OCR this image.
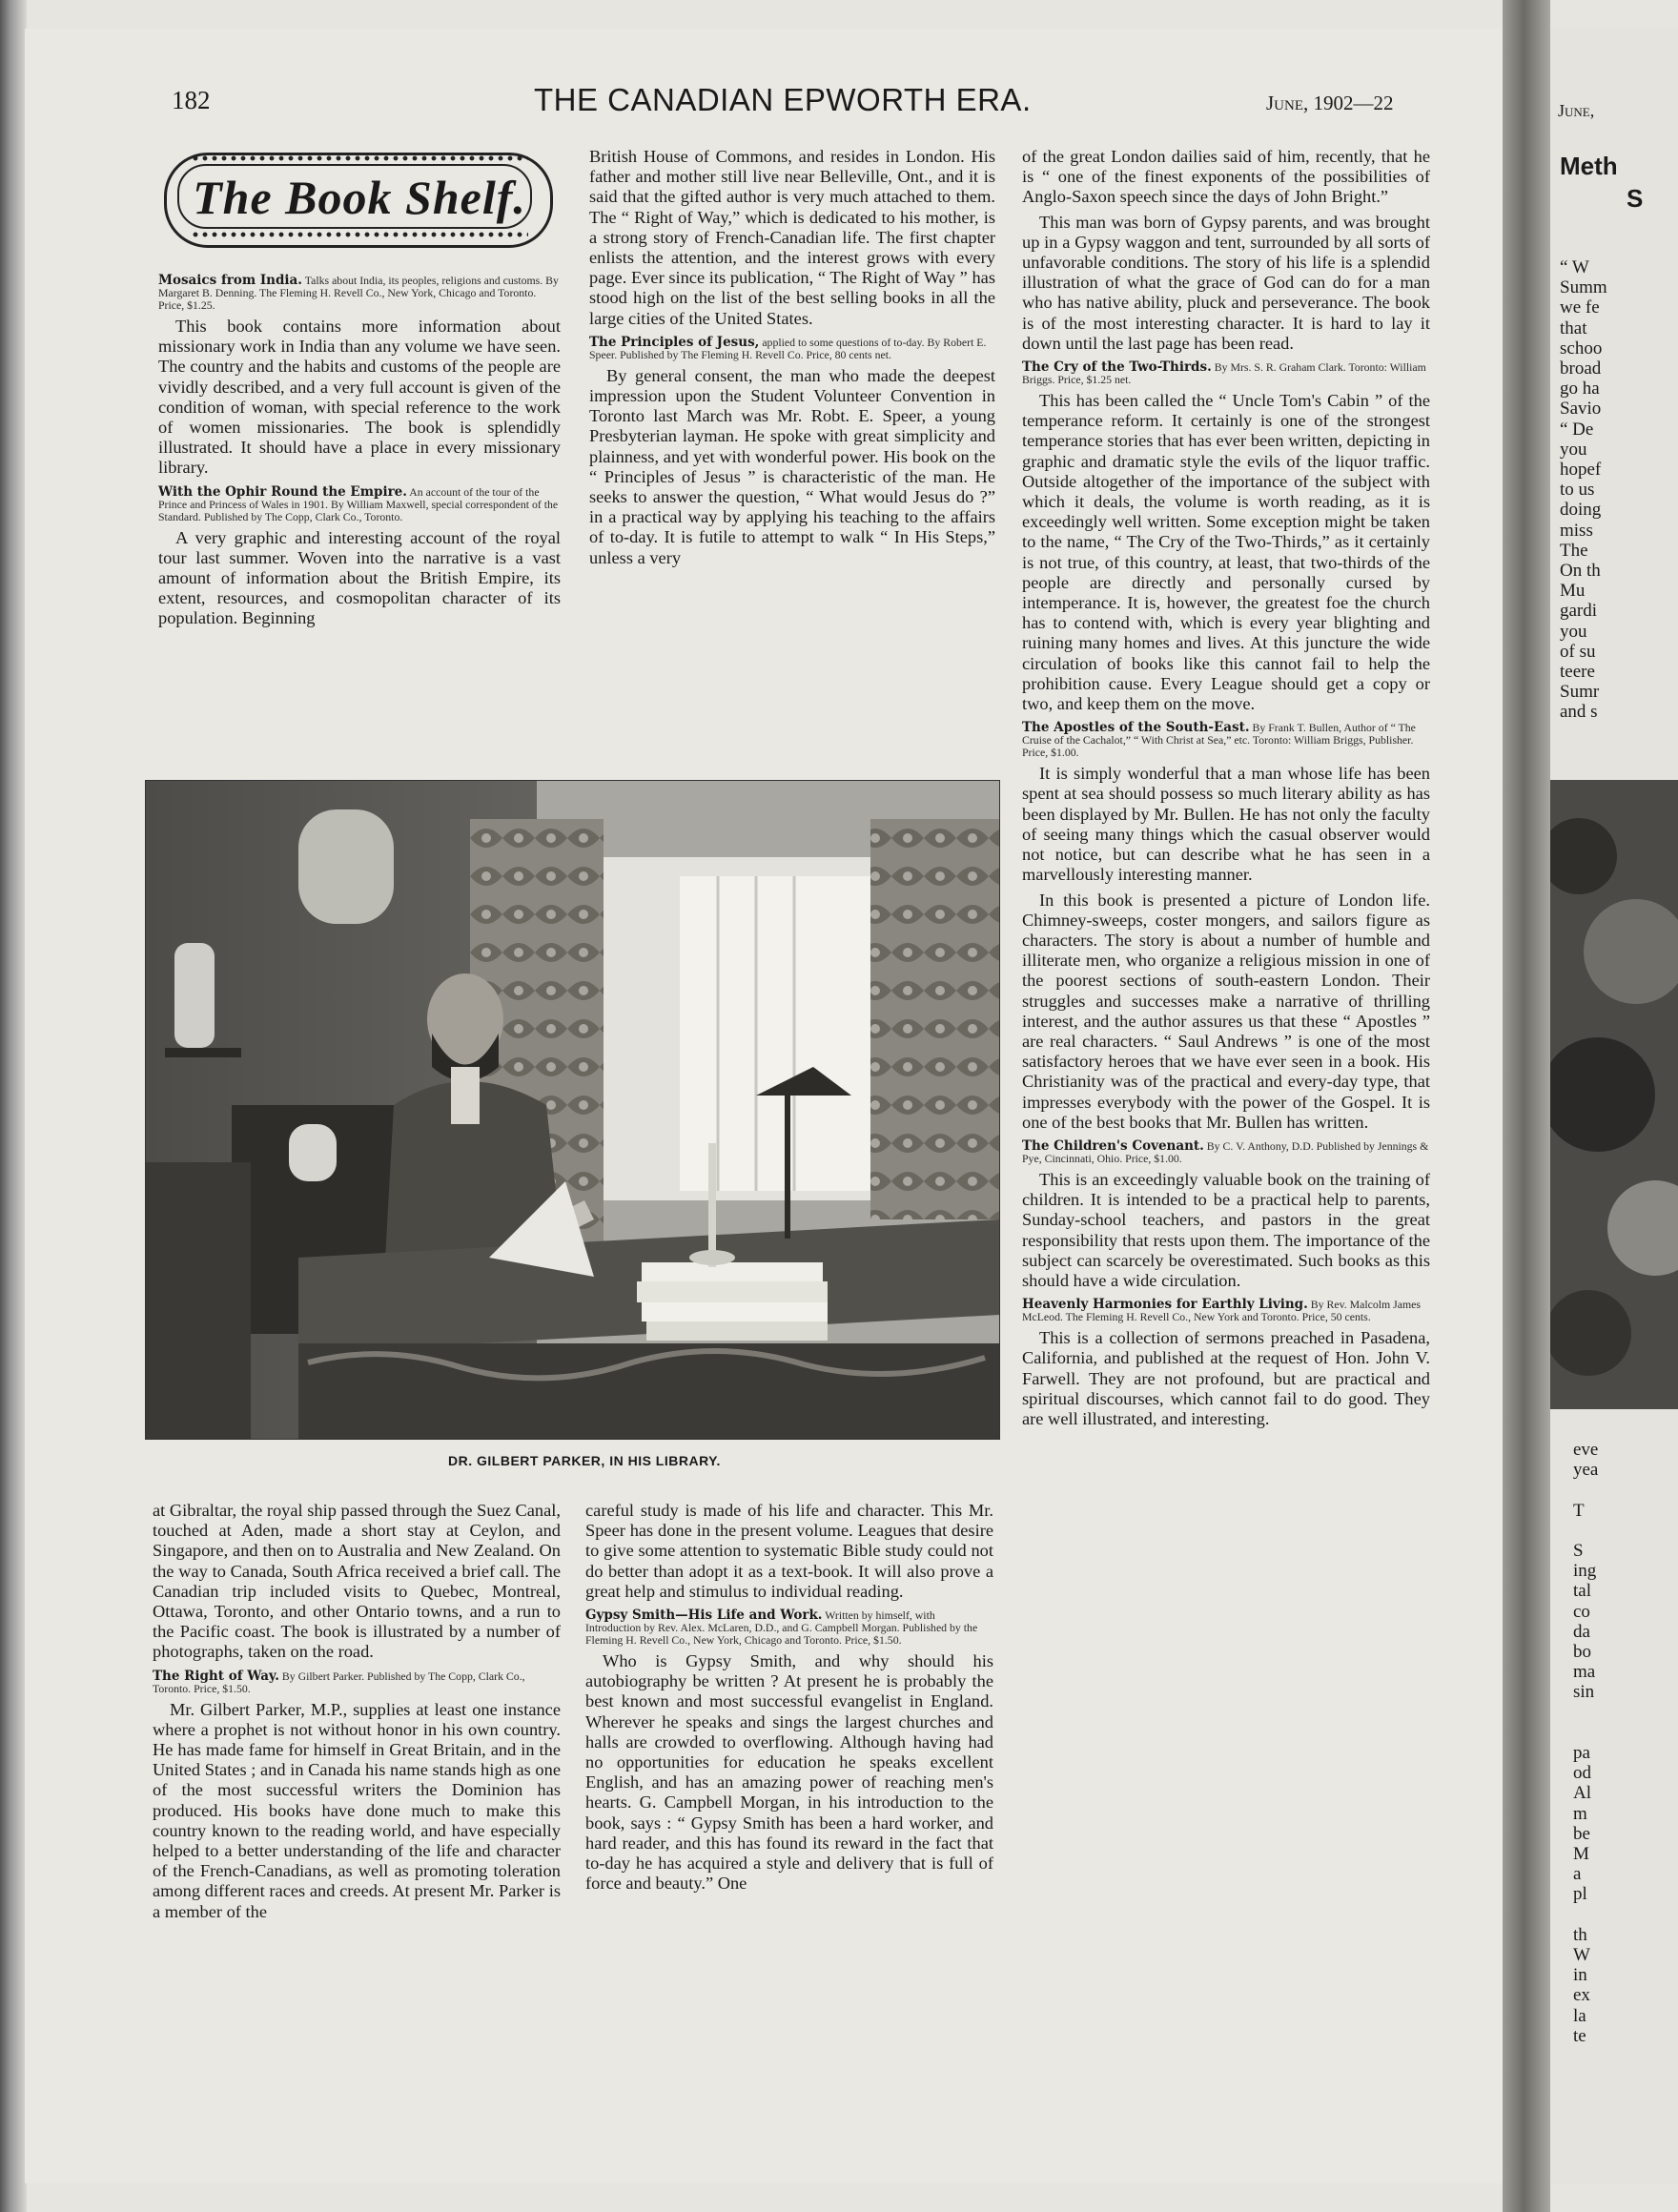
182	THE CANADIAN EPWORTH ERA.	June, 1902—22
The Book Shelf.
Mosaics from India. Talks about India, its peoples, religions and customs. By Margaret B. Denning. The Fleming H. Revell Co., New York, Chicago and Toronto. Price, $1.25.

This book contains more information about missionary work in India than any volume we have seen. The country and the habits and customs of the people are vividly described, and a very full account is given of the condition of woman, with special reference to the work of women missionaries. The book is splendidly illustrated. It should have a place in every missionary library.

With the Ophir Round the Empire. An account of the tour of the Prince and Princess of Wales in 1901. By William Maxwell, special correspondent of the Standard. Published by The Copp, Clark Co., Toronto.

A very graphic and interesting account of the royal tour last summer. Woven into the narrative is a vast amount of information about the British Empire, its extent, resources, and cosmopolitan character of its population. Beginning

British House of Commons, and resides in London. His father and mother still live near Belleville, Ont., and it is said that the gifted author is very much attached to them. The “ Right of Way,” which is dedicated to his mother, is a strong story of French-Canadian life. The first chapter enlists the attention, and the interest grows with every page. Ever since its publication, “ The Right of Way ” has stood high on the list of the best selling books in all the large cities of the United States.

The Principles of Jesus, applied to some questions of to-day. By Robert E. Speer. Published by The Fleming H. Revell Co. Price, 80 cents net.

By general consent, the man who made the deepest impression upon the Student Volunteer Convention in Toronto last March was Mr. Robt. E. Speer, a young Presbyterian layman. He spoke with great simplicity and plainness, and yet with wonderful power. His book on the “ Principles of Jesus ” is characteristic of the man. He seeks to answer the question, “ What would Jesus do ?” in a practical way by applying his teaching to the affairs of to-day. It is futile to attempt to walk “ In His Steps,” unless a very

of the great London dailies said of him, recently, that he is “ one of the finest exponents of the possibilities of Anglo-Saxon speech since the days of John Bright.”

This man was born of Gypsy parents, and was brought up in a Gypsy waggon and tent, surrounded by all sorts of unfavorable conditions. The story of his life is a splendid illustration of what the grace of God can do for a man who has native ability, pluck and perseverance. The book is of the most interesting character. It is hard to lay it down until the last page has been read.

The Cry of the Two-Thirds. By Mrs. S. R. Graham Clark. Toronto: William Briggs. Price, $1.25 net.

This has been called the “ Uncle Tom's Cabin ” of the temperance reform. It certainly is one of the strongest temperance stories that has ever been written, depicting in graphic and dramatic style the evils of the liquor traffic. Outside altogether of the importance of the subject with which it deals, the volume is worth reading, as it is exceedingly well written. Some exception might be taken to the name, “ The Cry of the Two-Thirds,” as it certainly is not true, of this country, at least, that two-thirds of the people are directly and personally cursed by intemperance. It is, however, the greatest foe the church has to contend with, which is every year blighting and ruining many homes and lives. At this juncture the wide circulation of books like this cannot fail to help the prohibition cause. Every League should get a copy or two, and keep them on the move.

The Apostles of the South-East. By Frank T. Bullen, Author of “ The Cruise of the Cachalot,” “ With Christ at Sea,” etc. Toronto: William Briggs, Publisher. Price, $1.00.

It is simply wonderful that a man whose life has been spent at sea should possess so much literary ability as has been displayed by Mr. Bullen. He has not only the faculty of seeing many things which the casual observer would not notice, but can describe what he has seen in a marvellously interesting manner.

In this book is presented a picture of London life. Chimney-sweeps, coster mongers, and sailors figure as characters. The story is about a number of humble and illiterate men, who organize a religious mission in one of the poorest sections of south-eastern London. Their struggles and successes make a narrative of thrilling interest, and the author assures us that these “ Apostles ” are real characters. “ Saul Andrews ” is one of the most satisfactory heroes that we have ever seen in a book. His Christianity was of the practical and every-day type, that impresses everybody with the power of the Gospel. It is one of the best books that Mr. Bullen has written.

The Children's Covenant. By C. V. Anthony, D.D. Published by Jennings & Pye, Cincinnati, Ohio. Price, $1.00.

This is an exceedingly valuable book on the training of children. It is intended to be a practical help to parents, Sunday-school teachers, and pastors in the great responsibility that rests upon them. The importance of the subject can scarcely be overestimated. Such books as this should have a wide circulation.

Heavenly Harmonies for Earthly Living. By Rev. Malcolm James McLeod. The Fleming H. Revell Co., New York and Toronto. Price, 50 cents.

This is a collection of sermons preached in Pasadena, California, and published at the request of Hon. John V. Farwell. They are not profound, but are practical and spiritual discourses, which cannot fail to do good. They are well illustrated, and interesting.

DR. GILBERT PARKER, IN HIS LIBRARY.

at Gibraltar, the royal ship passed through the Suez Canal, touched at Aden, made a short stay at Ceylon, and Singapore, and then on to Australia and New Zealand. On the way to Canada, South Africa received a brief call. The Canadian trip included visits to Quebec, Montreal, Ottawa, Toronto, and other Ontario towns, and a run to the Pacific coast. The book is illustrated by a number of photographs, taken on the road.

The Right of Way. By Gilbert Parker. Published by The Copp, Clark Co., Toronto. Price, $1.50.

Mr. Gilbert Parker, M.P., supplies at least one instance where a prophet is not without honor in his own country. He has made fame for himself in Great Britain, and in the United States ; and in Canada his name stands high as one of the most successful writers the Dominion has produced. His books have done much to make this country known to the reading world, and have especially helped to a better understanding of the life and character of the French-Canadians, as well as promoting toleration among different races and creeds. At present Mr. Parker is a member of the

careful study is made of his life and character. This Mr. Speer has done in the present volume. Leagues that desire to give some attention to systematic Bible study could not do better than adopt it as a text-book. It will also prove a great help and stimulus to individual reading.

Gypsy Smith—His Life and Work. Written by himself, with Introduction by Rev. Alex. McLaren, D.D., and G. Campbell Morgan. Published by the Fleming H. Revell Co., New York, Chicago and Toronto. Price, $1.50.

Who is Gypsy Smith, and why should his autobiography be written ? At present he is probably the best known and most successful evangelist in England. Wherever he speaks and sings the largest churches and halls are crowded to overflowing. Although having had no opportunities for education he speaks excellent English, and has an amazing power of reaching men's hearts. G. Campbell Morgan, in his introduction to the book, says : “ Gypsy Smith has been a hard worker, and hard reader, and this has found its reward in the fact that to-day he has acquired a style and delivery that is full of force and beauty.” One

June,
Meth
S
“ W
Summ
we fe
that
schoo
broad
go ha
Savio
“ De
you
hopef
to us
doing
miss
The
On th
Mu
gardi
you
of su
teere
Sumr
and s
eve
yea

T

S
ing
tal
co
da
bo
ma
sin

pa
od
Al
m
be
M
a
pl

th
W
in
ex
la
te
